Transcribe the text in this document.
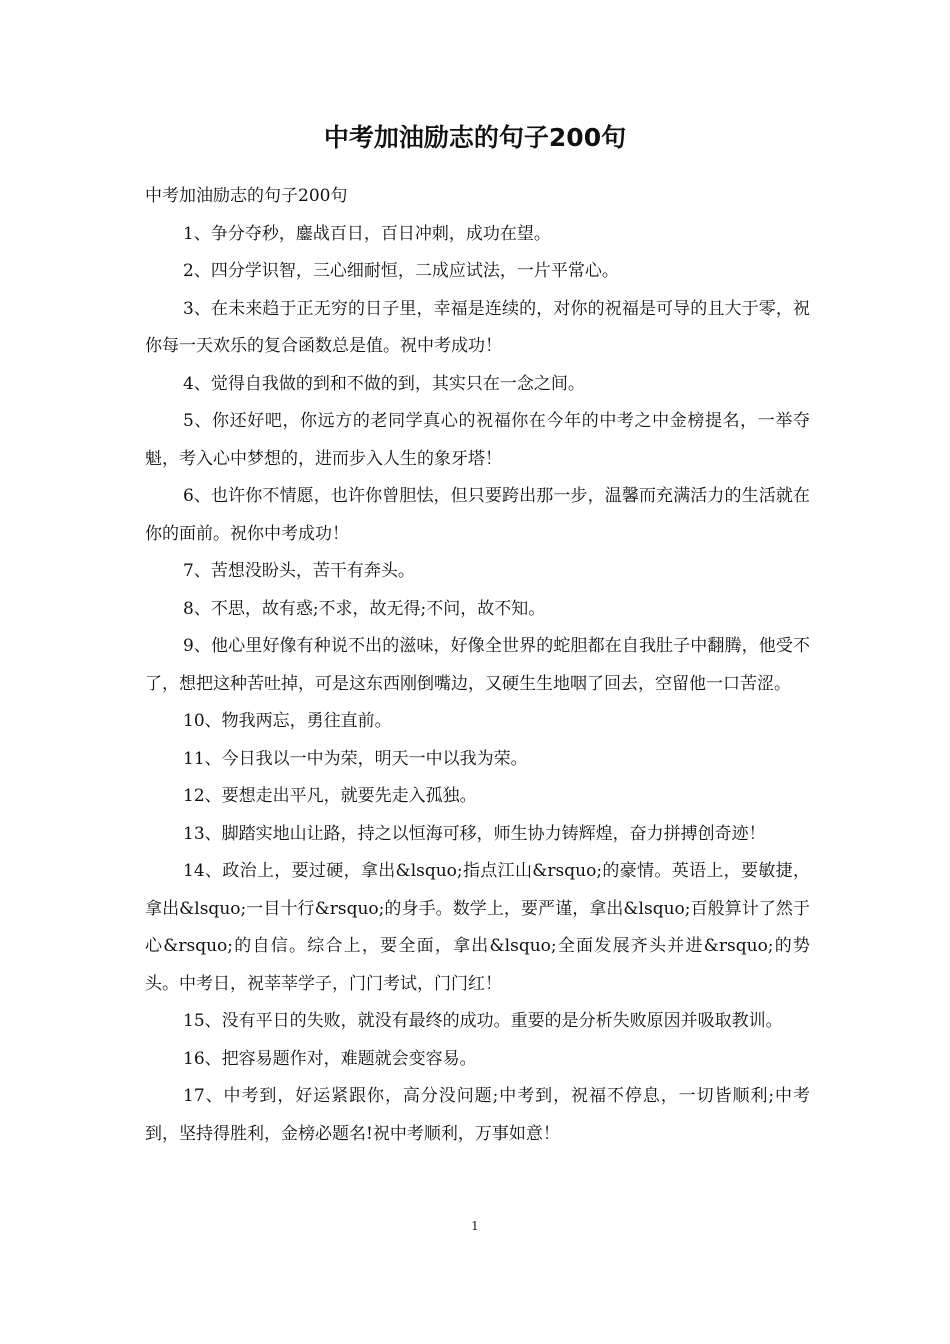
中考加油励志的句子200句

中考加油励志的句子200句

1、争分夺秒，鏖战百日，百日冲刺，成功在望。

2、四分学识智，三心细耐恒，二成应试法，一片平常心。

3、在未来趋于正无穷的日子里，幸福是连续的，对你的祝福是可导的且大于零，祝你每一天欢乐的复合函数总是值。祝中考成功！

4、觉得自我做的到和不做的到，其实只在一念之间。

5、你还好吧，你远方的老同学真心的祝福你在今年的中考之中金榜提名，一举夺魁，考入心中梦想的，进而步入人生的象牙塔！

6、也许你不情愿，也许你曾胆怯，但只要跨出那一步，温馨而充满活力的生活就在你的面前。祝你中考成功！

7、苦想没盼头，苦干有奔头。

8、不思，故有惑;不求，故无得;不问，故不知。

9、他心里好像有种说不出的滋味，好像全世界的蛇胆都在自我肚子中翻腾，他受不了，想把这种苦吐掉，可是这东西刚倒嘴边，又硬生生地咽了回去，空留他一口苦涩。

10、物我两忘，勇往直前。

11、今日我以一中为荣，明天一中以我为荣。

12、要想走出平凡，就要先走入孤独。

13、脚踏实地山让路，持之以恒海可移，师生协力铸辉煌，奋力拼搏创奇迹！

14、政治上，要过硬，拿出&lsquo;指点江山&rsquo;的豪情。英语上，要敏捷，拿出&lsquo;一目十行&rsquo;的身手。数学上，要严谨，拿出&lsquo;百般算计了然于心&rsquo;的自信。综合上，要全面，拿出&lsquo;全面发展齐头并进&rsquo;的势头。中考日，祝莘莘学子，门门考试，门门红！

15、没有平日的失败，就没有最终的成功。重要的是分析失败原因并吸取教训。

16、把容易题作对，难题就会变容易。

17、中考到，好运紧跟你，高分没问题;中考到，祝福不停息，一切皆顺利;中考到，坚持得胜利，金榜必题名!祝中考顺利，万事如意！

1
